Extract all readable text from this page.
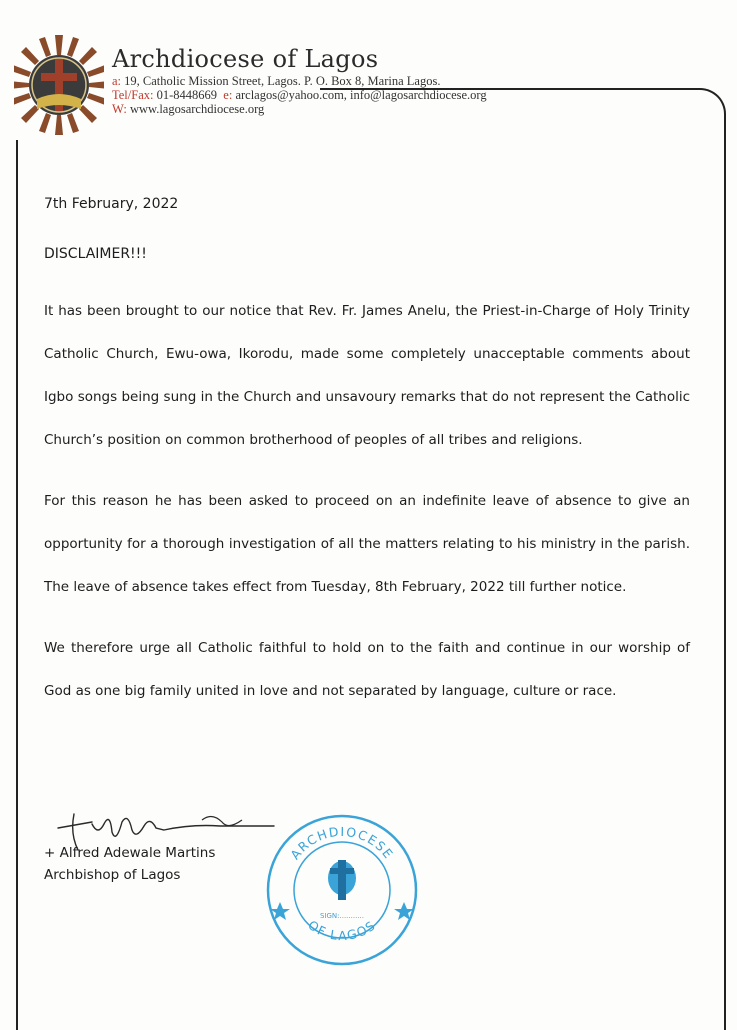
Archdiocese of Lagos
a: 19, Catholic Mission Street, Lagos. P. O. Box 8, Marina Lagos.
Tel/Fax: 01-8448669 e: arclagos@yahoo.com, info@lagosarchdiocese.org
W: www.lagosarchdiocese.org
7th February, 2022
DISCLAIMER!!!

It has been brought to our notice that Rev. Fr. James Anelu, the Priest-in-Charge of Holy Trinity Catholic Church, Ewu-owa, Ikorodu, made some completely unacceptable comments about Igbo songs being sung in the Church and unsavoury remarks that do not represent the Catholic Church’s position on common brotherhood of peoples of all tribes and religions.

For this reason he has been asked to proceed on an indefinite leave of absence to give an opportunity for a thorough investigation of all the matters relating to his ministry in the parish. The leave of absence takes effect from Tuesday, 8th February, 2022 till further notice.

We therefore urge all Catholic faithful to hold on to the faith and continue in our worship of God as one big family united in love and not separated by language, culture or race.

+ Alfred Adewale Martins
Archbishop of Lagos
ARCHDIOCESE
OF LAGOS
SIGN:...........
